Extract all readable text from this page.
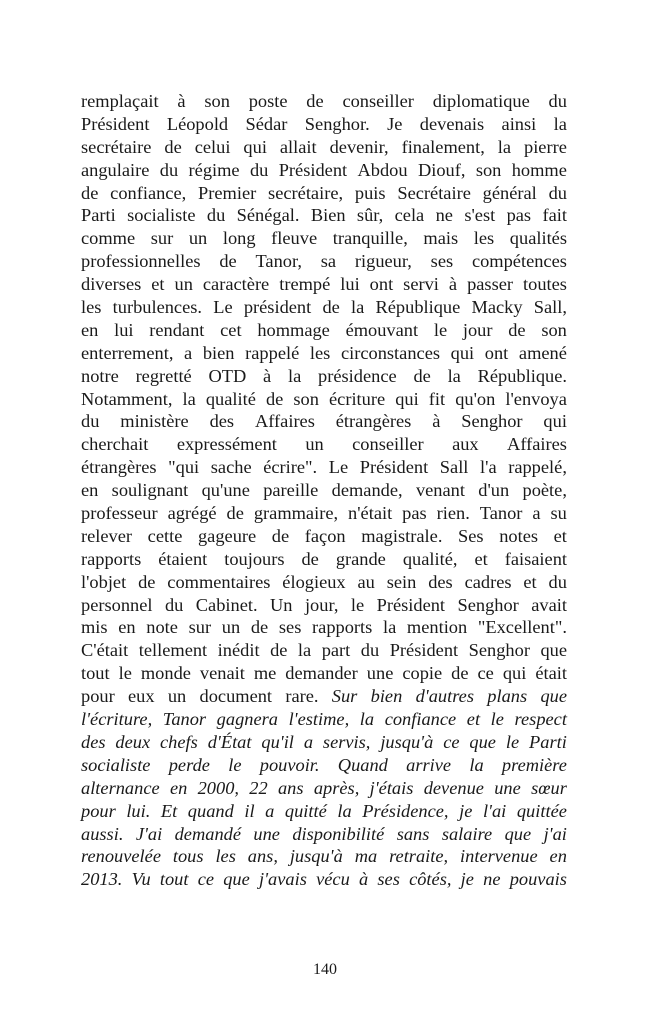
remplaçait à son poste de conseiller diplomatique du
Président Léopold Sédar Senghor. Je devenais ainsi la
secrétaire de celui qui allait devenir, finalement, la pierre
angulaire du régime du Président Abdou Diouf, son homme
de confiance, Premier secrétaire, puis Secrétaire général du
Parti socialiste du Sénégal. Bien sûr, cela ne s'est pas fait
comme sur un long fleuve tranquille, mais les qualités
professionnelles de Tanor, sa rigueur, ses compétences
diverses et un caractère trempé lui ont servi à passer toutes
les turbulences. Le président de la République Macky Sall,
en lui rendant cet hommage émouvant le jour de son
enterrement, a bien rappelé les circonstances qui ont amené
notre regretté OTD à la présidence de la République.
Notamment, la qualité de son écriture qui fit qu'on l'envoya
du ministère des Affaires étrangères à Senghor qui
cherchait expressément un conseiller aux Affaires
étrangères "qui sache écrire". Le Président Sall l'a rappelé,
en soulignant qu'une pareille demande, venant d'un poète,
professeur agrégé de grammaire, n'était pas rien. Tanor a su
relever cette gageure de façon magistrale. Ses notes et
rapports étaient toujours de grande qualité, et faisaient
l'objet de commentaires élogieux au sein des cadres et du
personnel du Cabinet. Un jour, le Président Senghor avait
mis en note sur un de ses rapports la mention "Excellent".
C'était tellement inédit de la part du Président Senghor que
tout le monde venait me demander une copie de ce qui était
pour eux un document rare. Sur bien d'autres plans que
l'écriture, Tanor gagnera l'estime, la confiance et le respect
des deux chefs d'État qu'il a servis, jusqu'à ce que le Parti
socialiste perde le pouvoir. Quand arrive la première
alternance en 2000, 22 ans après, j'étais devenue une sœur
pour lui. Et quand il a quitté la Présidence, je l'ai quittée
aussi. J'ai demandé une disponibilité sans salaire que j'ai
renouvelée tous les ans, jusqu'à ma retraite, intervenue en
2013. Vu tout ce que j'avais vécu à ses côtés, je ne pouvais
140
